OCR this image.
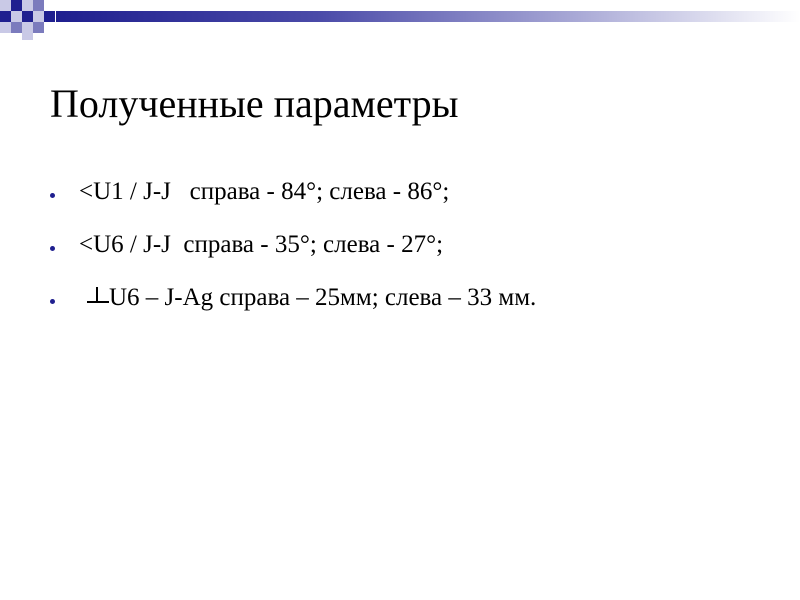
Полученные параметры

<U1 / J-J   справа - 84°; слева - 86°;

<U6 / J-J  справа - 35°; слева - 27°;

U6 – J-Ag справа – 25мм; слева – 33 мм.
